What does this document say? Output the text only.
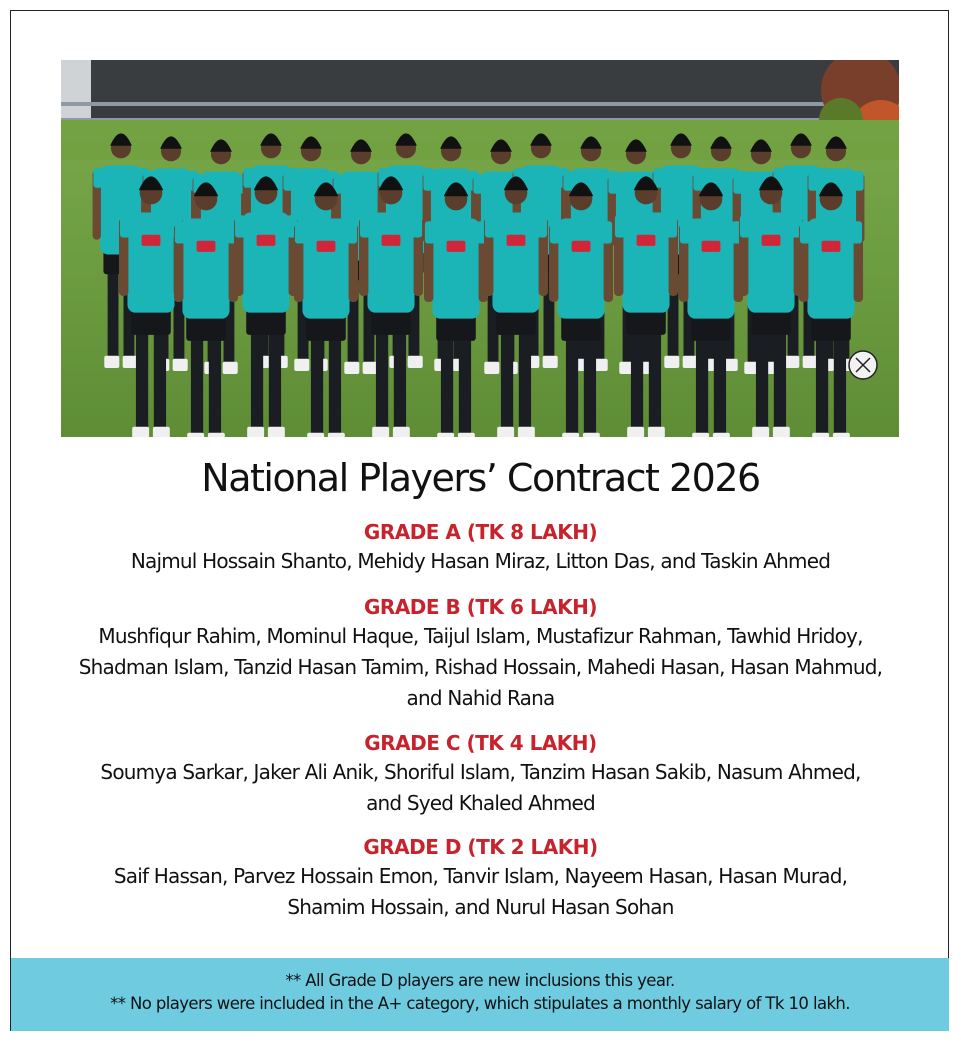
National Players’ Contract 2026
GRADE A (TK 8 LAKH)
Najmul Hossain Shanto, Mehidy Hasan Miraz, Litton Das, and Taskin Ahmed
GRADE B (TK 6 LAKH)
Mushfiqur Rahim, Mominul Haque, Taijul Islam, Mustafizur Rahman, Tawhid Hridoy,
Shadman Islam, Tanzid Hasan Tamim, Rishad Hossain, Mahedi Hasan, Hasan Mahmud,
and Nahid Rana
GRADE C (TK 4 LAKH)
Soumya Sarkar, Jaker Ali Anik, Shoriful Islam, Tanzim Hasan Sakib, Nasum Ahmed,
and Syed Khaled Ahmed
GRADE D (TK 2 LAKH)
Saif Hassan, Parvez Hossain Emon, Tanvir Islam, Nayeem Hasan, Hasan Murad,
Shamim Hossain, and Nurul Hasan Sohan
** All Grade D players are new inclusions this year.
** No players were included in the A+ category, which stipulates a monthly salary of Tk 10 lakh.
